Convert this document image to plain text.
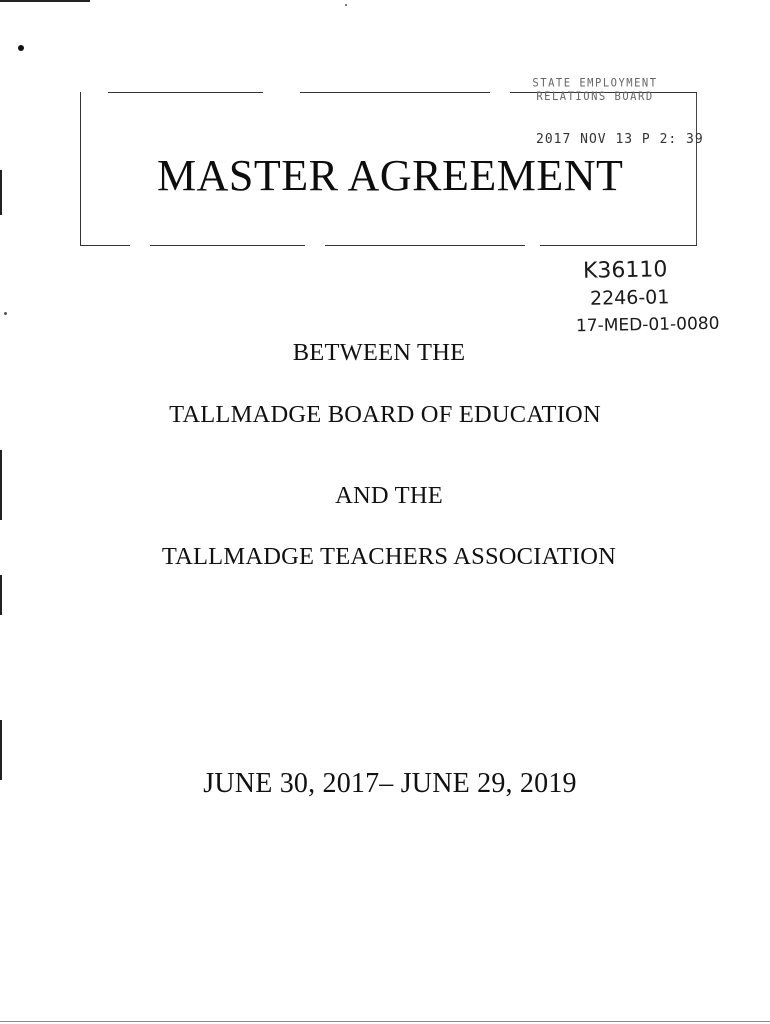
STATE EMPLOYMENT
RELATIONS BOARD
2017 NOV 13 P 2: 39
MASTER AGREEMENT
K36110
2246-01
17-MED-01-0080
BETWEEN THE
TALLMADGE BOARD OF EDUCATION
AND THE
TALLMADGE TEACHERS ASSOCIATION
JUNE 30, 2017– JUNE 29, 2019
